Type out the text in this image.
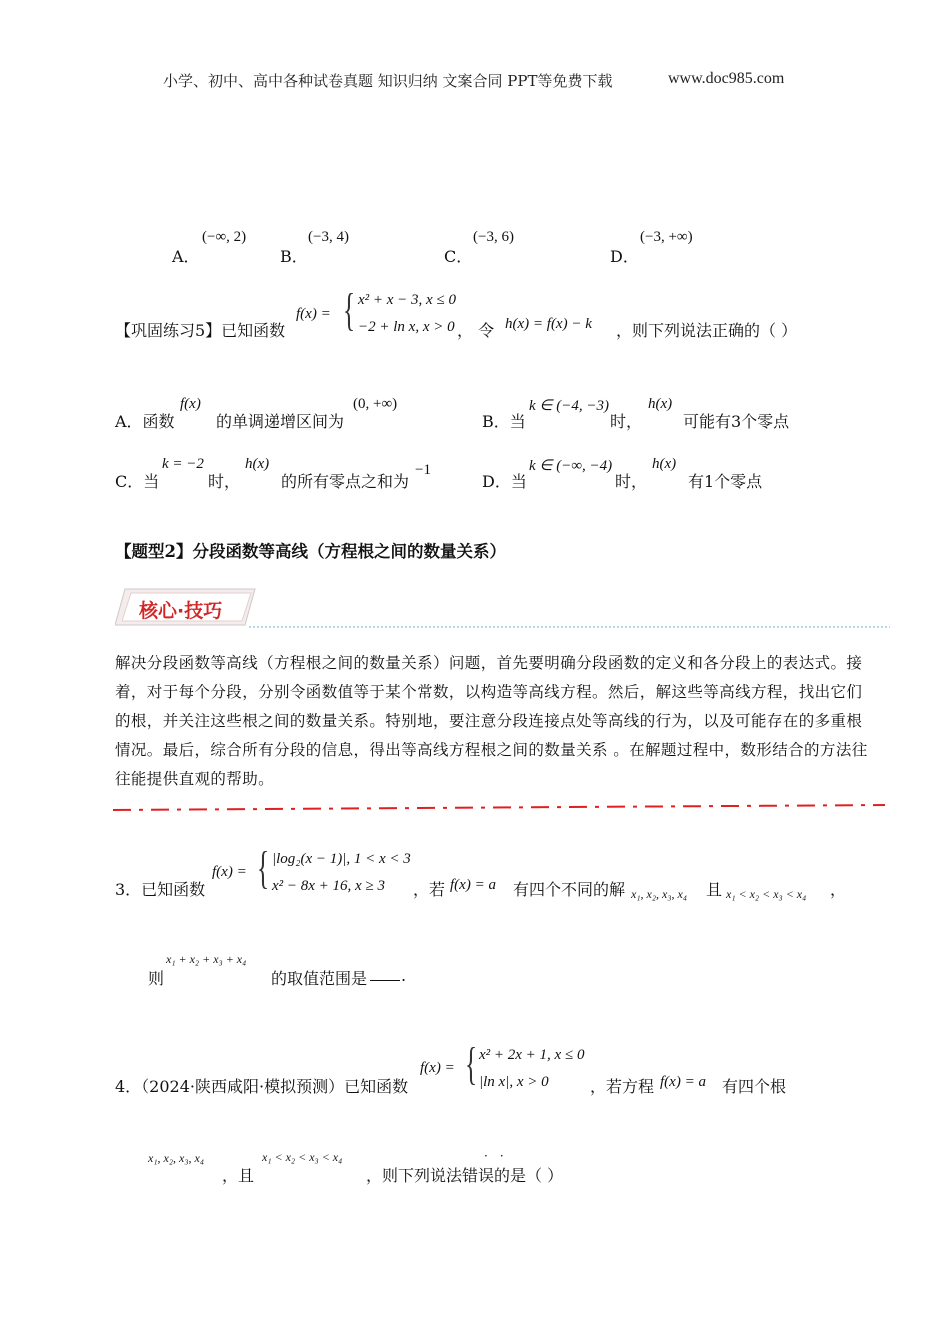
小学、初中、高中各种试卷真题 知识归纳 文案合同 PPT等免费下载	www.doc985.com
A．
(−∞, 2)
B．
(−3, 4)
C．
(−3, 6)
D．
(−3, +∞)
【巩固练习5】已知函数
f(x) = { x² + x − 3, x ≤ 0
−2 + ln x, x > 0 ， 令 h(x) = f(x) − k ，则下列说法正确的（ ）
A．函数
f(x)
的单调递增区间为
(0, +∞)
B．当
k ∈ (−4, −3)
时，
h(x)
可能有3个零点
C．当
k = −2
时，
h(x)
的所有零点之和为
−1
D．当
k ∈ (−∞, −4)
时，
h(x)
有1个零点
【题型2】分段函数等高线（方程根之间的数量关系）
核心·技巧
解决分段函数等高线（方程根之间的数量关系）问题，首先要明确分段函数的定义和各分段上的表达式。接着，对于每个分段，分别令函数值等于某个常数，以构造等高线方程。然后，解这些等高线方程，找出它们的根，并关注这些根之间的数量关系。特别地，要注意分段连接点处等高线的行为，以及可能存在的多重根情况。最后，综合所有分段的信息，得出等高线方程根之间的数量关系 。在解题过程中，数形结合的方法往往能提供直观的帮助。
3．已知函数
f(x) = { |log₂(x − 1)|, 1 < x < 3
x² − 8x + 16, x ≥ 3 ，若 f(x) = a 有四个不同的解 x₁, x₂, x₃, x₄ 且 x₁ < x₂ < x₃ < x₄ ，
则
x₁ + x₂ + x₃ + x₄
的取值范围是 .
4．（2024·陕西咸阳·模拟预测）已知函数
f(x) = { x² + 2x + 1, x ≤ 0
|ln x|, x > 0	，若方程 f(x) = a 有四个根
x₁, x₂, x₃, x₄
，且
x₁ < x₂ < x₃ < x₄
，则下列说法错误的是（ ）
··
